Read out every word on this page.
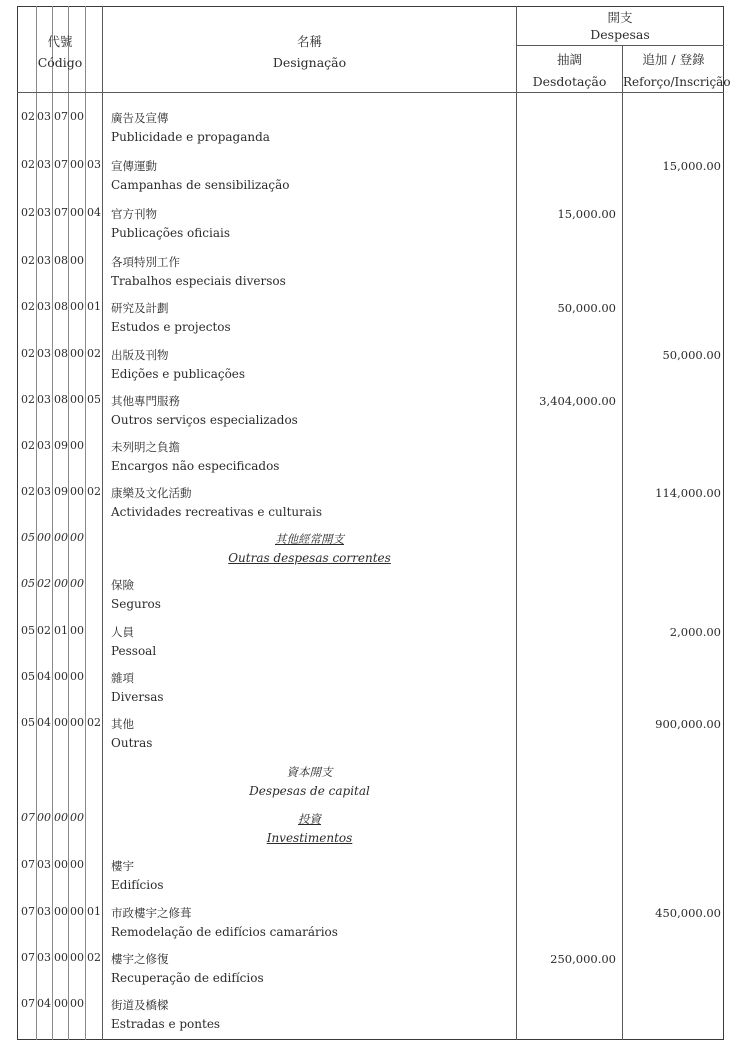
代號
Código
名稱
Designação
開支
Despesas
抽調
Desdotação
追加 / 登錄
Reforço/Inscrição
02 03 07 00 廣告及宣傳
Publicidade e propaganda
02 03 07 00 03 宣傳運動
Campanhas de sensibilização
15,000.00
02 03 07 00 04 官方刊物
Publicações oficiais
15,000.00
02 03 08 00 各項特別工作
Trabalhos especiais diversos
02 03 08 00 01 研究及計劃
Estudos e projectos
50,000.00
02 03 08 00 02 出版及刊物
Edições e publicações
50,000.00
02 03 08 00 05 其他專門服務
Outros serviços especializados
3,404,000.00
02 03 09 00 未列明之負擔
Encargos não especificados
02 03 09 00 02 康樂及文化活動
Actividades recreativas e culturais
114,000.00
05 00 00 00	其他經常開支
Outras despesas correntes
05 02 00 00 保險
Seguros
05 02 01 00 人員
Pessoal
2,000.00
05 04 00 00 雜項
Diversas
05 04 00 00 02 其他
Outras
900,000.00
資本開支
Despesas de capital
07 00 00 00	投資
Investimentos
07 03 00 00 樓宇
Edifícios
07 03 00 00 01 市政樓宇之修葺
Remodelação de edifícios camarários
450,000.00
07 03 00 00 02 樓宇之修復
Recuperação de edifícios
250,000.00
07 04 00 00 街道及橋樑
Estradas e pontes
